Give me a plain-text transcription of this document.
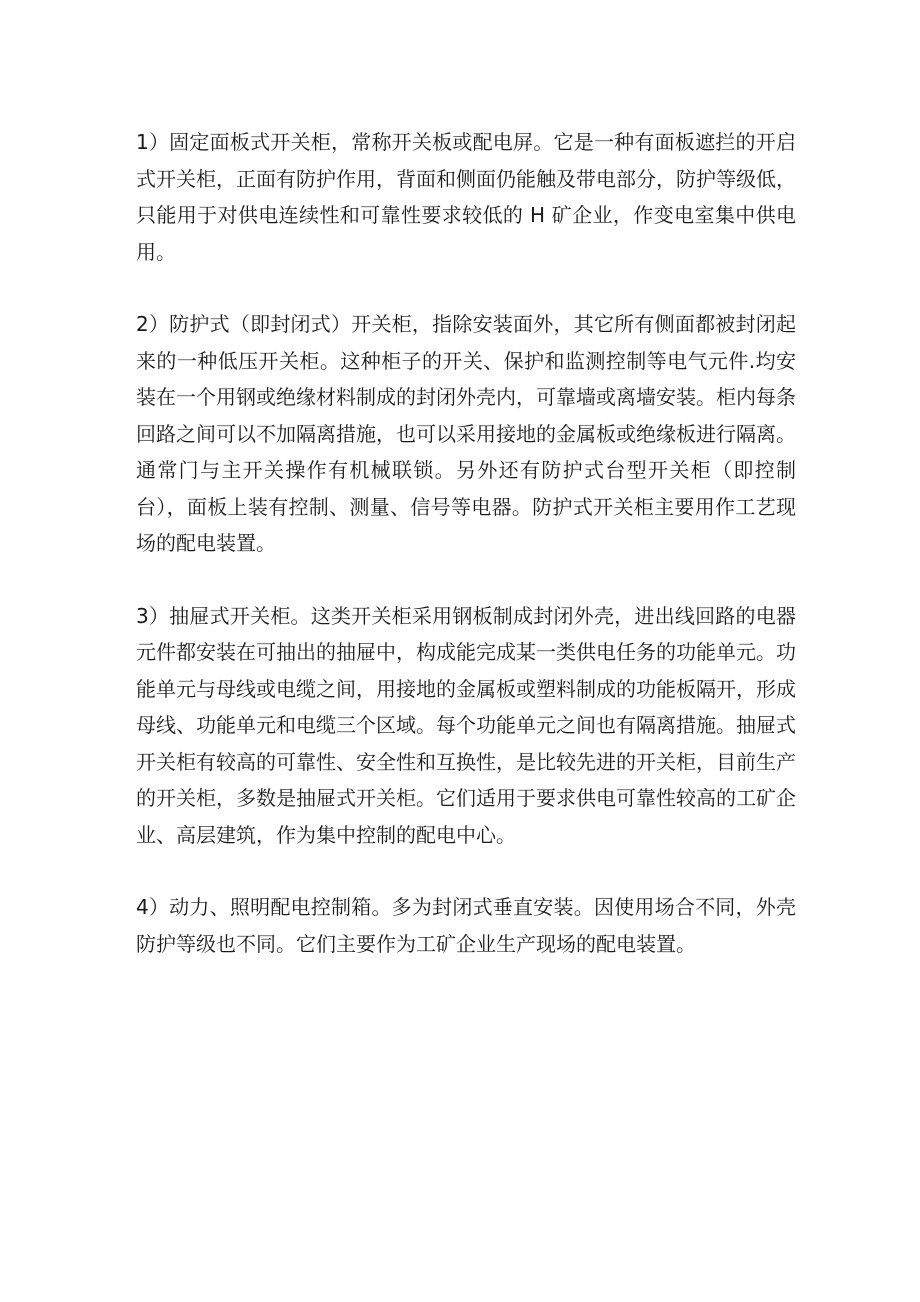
1）固定面板式开关柜，常称开关板或配电屏。它是一种有面板遮拦的开启式开关柜，正面有防护作用，背面和侧面仍能触及带电部分，防护等级低，只能用于对供电连续性和可靠性要求较低的 H 矿企业，作变电室集中供电用。

2）防护式（即封闭式）开关柜，指除安装面外，其它所有侧面都被封闭起来的一种低压开关柜。这种柜子的开关、保护和监测控制等电气元件.均安装在一个用钢或绝缘材料制成的封闭外壳内，可靠墙或离墙安装。柜内每条回路之间可以不加隔离措施，也可以采用接地的金属板或绝缘板进行隔离。通常门与主开关操作有机械联锁。另外还有防护式台型开关柜（即控制台），面板上装有控制、测量、信号等电器。防护式开关柜主要用作工艺现场的配电装置。

3）抽屉式开关柜。这类开关柜采用钢板制成封闭外壳，进出线回路的电器元件都安装在可抽出的抽屉中，构成能完成某一类供电任务的功能单元。功能单元与母线或电缆之间，用接地的金属板或塑料制成的功能板隔开，形成母线、功能单元和电缆三个区域。每个功能单元之间也有隔离措施。抽屉式开关柜有较高的可靠性、安全性和互换性，是比较先进的开关柜，目前生产的开关柜，多数是抽屉式开关柜。它们适用于要求供电可靠性较高的工矿企业、高层建筑，作为集中控制的配电中心。

4）动力、照明配电控制箱。多为封闭式垂直安装。因使用场合不同，外壳防护等级也不同。它们主要作为工矿企业生产现场的配电装置。
